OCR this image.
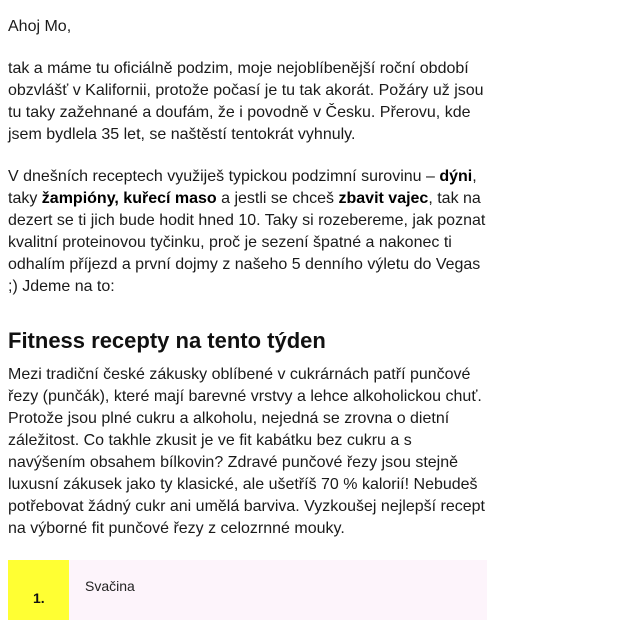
Ahoj Mo,

tak a máme tu oficiálně podzim, moje nejoblíbenější roční období obzvlášť v Kalifornii, protože počasí je tu tak akorát. Požáry už jsou tu taky zažehnané a doufám, že i povodně v Česku. Přerovu, kde jsem bydlela 35 let, se naštěstí tentokrát vyhnuly.

V dnešních receptech využiješ typickou podzimní surovinu – dýni, taky žampióny, kuřecí maso a jestli se chceš zbavit vajec, tak na dezert se ti jich bude hodit hned 10. Taky si rozebereme, jak poznat kvalitní proteinovou tyčinku, proč je sezení špatné a nakonec ti odhalím příjezd a první dojmy z našeho 5 denního výletu do Vegas ;) Jdeme na to:

Fitness recepty na tento týden

Mezi tradiční české zákusky oblíbené v cukrárnách patří punčové řezy (punčák), které mají barevné vrstvy a lehce alkoholickou chuť. Protože jsou plné cukru a alkoholu, nejedná se zrovna o dietní záležitost. Co takhle zkusit je ve fit kabátku bez cukru a s navýšením obsahem bílkovin? Zdravé punčové řezy jsou stejně luxusní zákusek jako ty klasické, ale ušetříš 70 % kalorií! Nebudeš potřebovat žádný cukr ani umělá barviva. Vyzkoušej nejlepší recept na výborné fit punčové řezy z celozrnné mouky.

1.
Svačina
